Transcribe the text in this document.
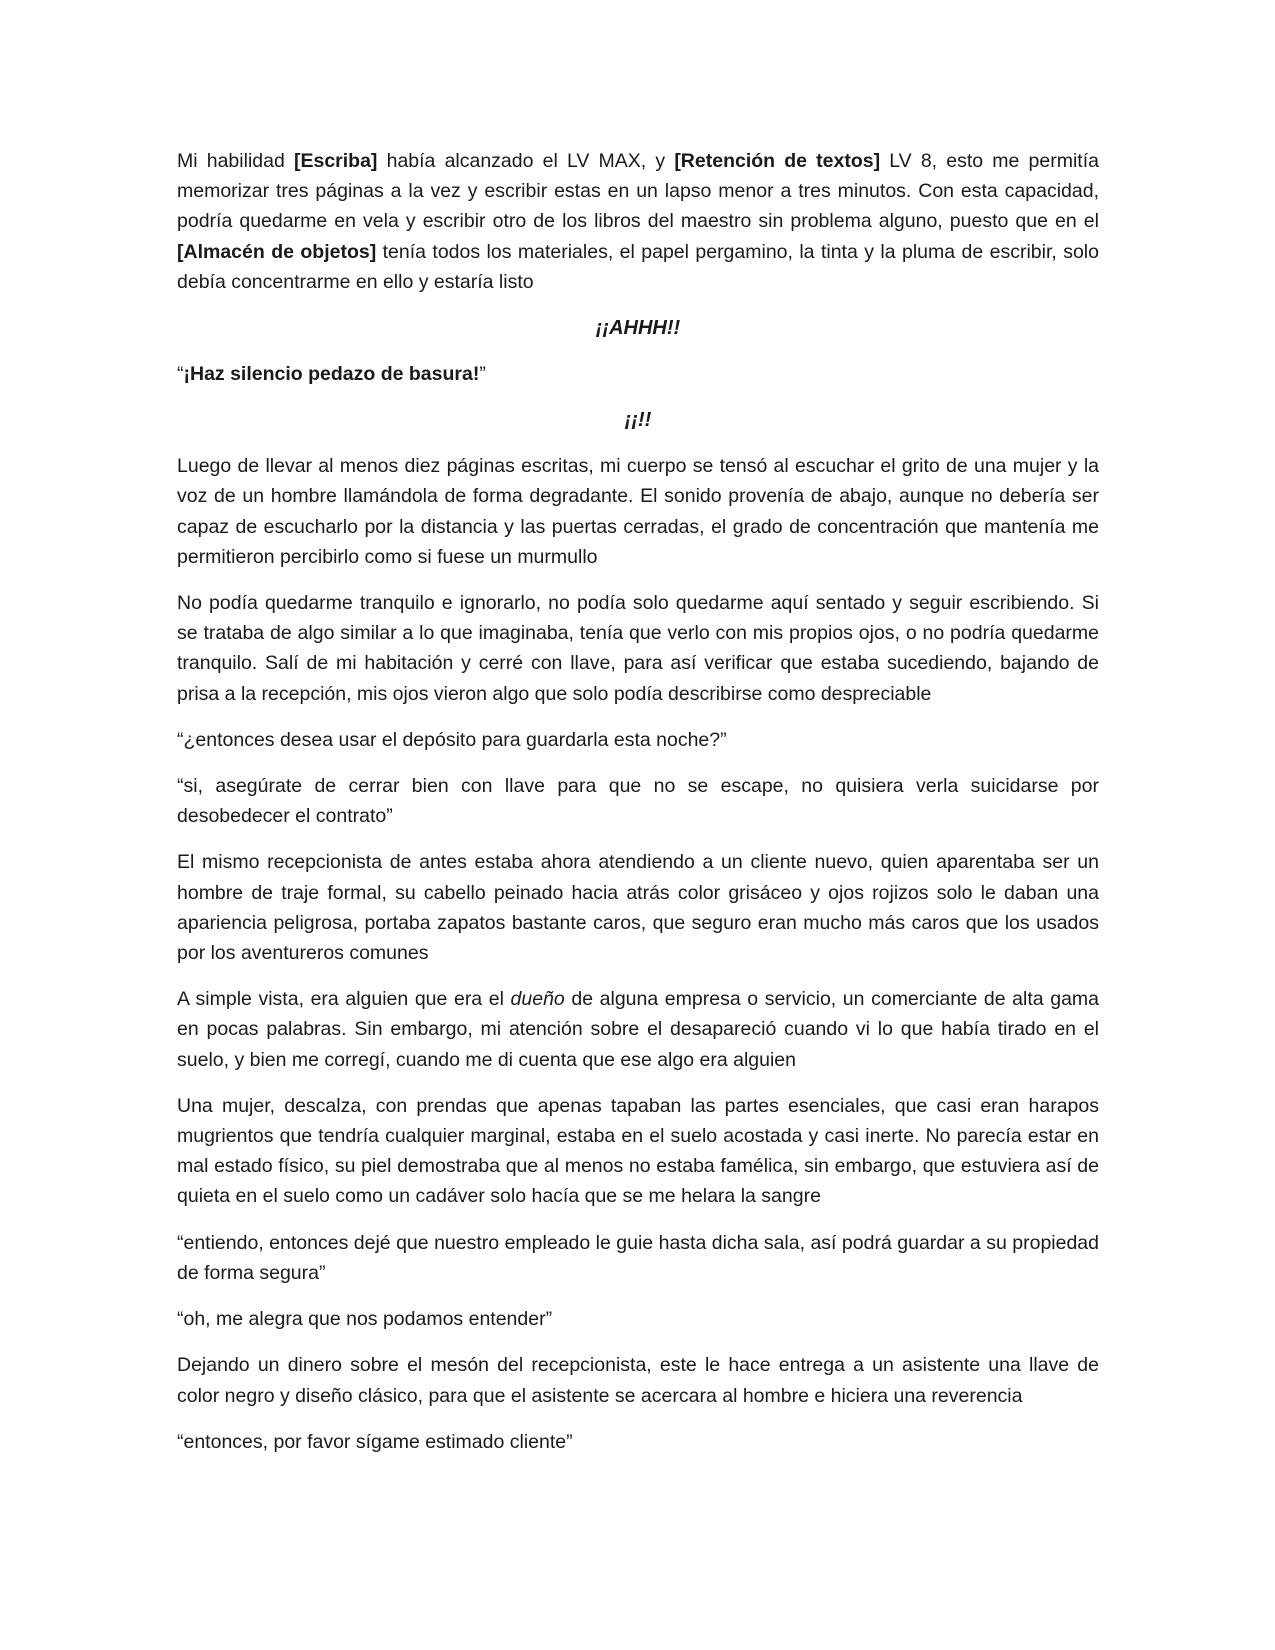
Mi habilidad [Escriba] había alcanzado el LV MAX, y [Retención de textos] LV 8, esto me permitía memorizar tres páginas a la vez y escribir estas en un lapso menor a tres minutos. Con esta capacidad, podría quedarme en vela y escribir otro de los libros del maestro sin problema alguno, puesto que en el [Almacén de objetos] tenía todos los materiales, el papel pergamino, la tinta y la pluma de escribir, solo debía concentrarme en ello y estaría listo

¡¡AHHH!!

“¡Haz silencio pedazo de basura!”

¡¡!!

Luego de llevar al menos diez páginas escritas, mi cuerpo se tensó al escuchar el grito de una mujer y la voz de un hombre llamándola de forma degradante. El sonido provenía de abajo, aunque no debería ser capaz de escucharlo por la distancia y las puertas cerradas, el grado de concentración que mantenía me permitieron percibirlo como si fuese un murmullo

No podía quedarme tranquilo e ignorarlo, no podía solo quedarme aquí sentado y seguir escribiendo. Si se trataba de algo similar a lo que imaginaba, tenía que verlo con mis propios ojos, o no podría quedarme tranquilo. Salí de mi habitación y cerré con llave, para así verificar que estaba sucediendo, bajando de prisa a la recepción, mis ojos vieron algo que solo podía describirse como despreciable

“¿entonces desea usar el depósito para guardarla esta noche?”

“si, asegúrate de cerrar bien con llave para que no se escape, no quisiera verla suicidarse por desobedecer el contrato”

El mismo recepcionista de antes estaba ahora atendiendo a un cliente nuevo, quien aparentaba ser un hombre de traje formal, su cabello peinado hacia atrás color grisáceo y ojos rojizos solo le daban una apariencia peligrosa, portaba zapatos bastante caros, que seguro eran mucho más caros que los usados por los aventureros comunes

A simple vista, era alguien que era el dueño de alguna empresa o servicio, un comerciante de alta gama en pocas palabras. Sin embargo, mi atención sobre el desapareció cuando vi lo que había tirado en el suelo, y bien me corregí, cuando me di cuenta que ese algo era alguien

Una mujer, descalza, con prendas que apenas tapaban las partes esenciales, que casi eran harapos mugrientos que tendría cualquier marginal, estaba en el suelo acostada y casi inerte. No parecía estar en mal estado físico, su piel demostraba que al menos no estaba famélica, sin embargo, que estuviera así de quieta en el suelo como un cadáver solo hacía que se me helara la sangre

“entiendo, entonces dejé que nuestro empleado le guie hasta dicha sala, así podrá guardar a su propiedad de forma segura”

“oh, me alegra que nos podamos entender”

Dejando un dinero sobre el mesón del recepcionista, este le hace entrega a un asistente una llave de color negro y diseño clásico, para que el asistente se acercara al hombre e hiciera una reverencia

“entonces, por favor sígame estimado cliente”
